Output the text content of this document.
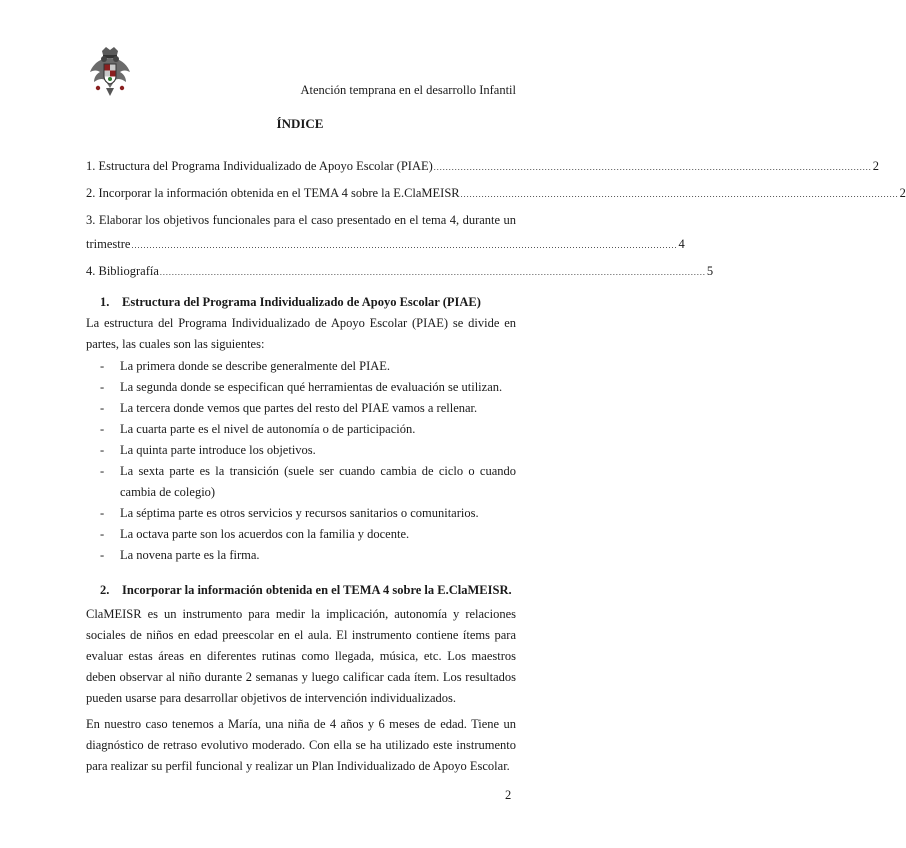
Atención temprana en el desarrollo Infantil
ÍNDICE
1. Estructura del Programa Individualizado de Apoyo Escolar (PIAE) .................................................................................................................................................. 2
2. Incorporar la información obtenida en el TEMA 4 sobre la E.ClaMEISR .................................................................................................................................................. 2
3. Elaborar los objetivos funcionales para el caso presentado en el tema 4, durante un
trimestre ...................................................................................................................................................................................... 4
4. Bibliografía ...................................................................................................................................................................................... 5
1. Estructura del Programa Individualizado de Apoyo Escolar (PIAE)
La estructura del Programa Individualizado de Apoyo Escolar (PIAE) se divide en partes, las cuales son las siguientes:
- La primera donde se describe generalmente del PIAE.
- La segunda donde se especifican qué herramientas de evaluación se utilizan.
- La tercera donde vemos que partes del resto del PIAE vamos a rellenar.
- La cuarta parte es el nivel de autonomía o de participación.
- La quinta parte introduce los objetivos.
- La sexta parte es la transición (suele ser cuando cambia de ciclo o cuando cambia de colegio)
- La séptima parte es otros servicios y recursos sanitarios o comunitarios.
- La octava parte son los acuerdos con la familia y docente.
- La novena parte es la firma.
2. Incorporar la información obtenida en el TEMA 4 sobre la E.ClaMEISR.
ClaMEISR es un instrumento para medir la implicación, autonomía y relaciones sociales de niños en edad preescolar en el aula. El instrumento contiene ítems para evaluar estas áreas en diferentes rutinas como llegada, música, etc. Los maestros deben observar al niño durante 2 semanas y luego calificar cada ítem. Los resultados pueden usarse para desarrollar objetivos de intervención individualizados.
En nuestro caso tenemos a María, una niña de 4 años y 6 meses de edad. Tiene un diagnóstico de retraso evolutivo moderado. Con ella se ha utilizado este instrumento para realizar su perfil funcional y realizar un Plan Individualizado de Apoyo Escolar.
2
